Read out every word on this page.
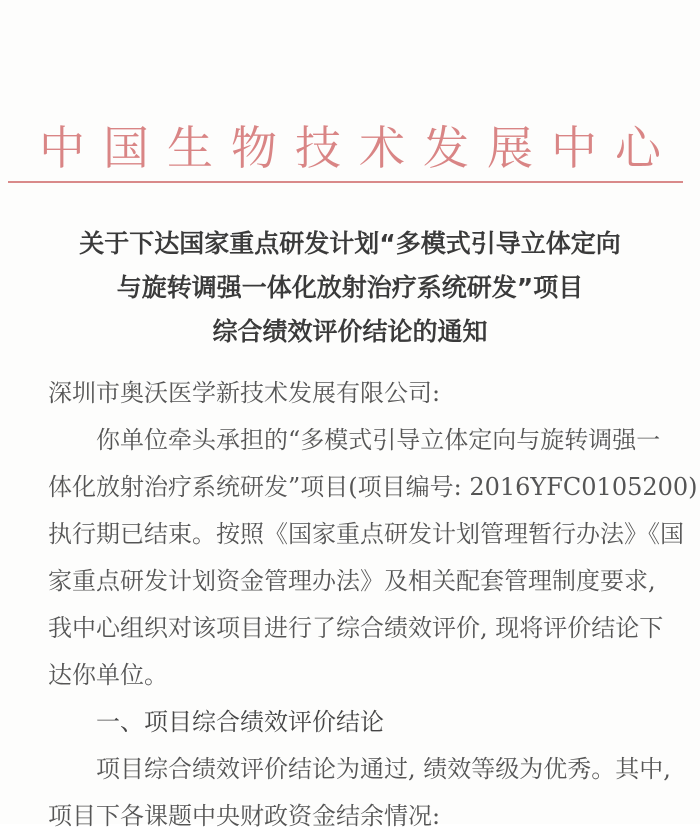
中国生物技术发展中心
关于下达国家重点研发计划“多模式引导立体定向
与旋转调强一体化放射治疗系统研发”项目
综合绩效评价结论的通知
深圳市奥沃医学新技术发展有限公司:
你单位牵头承担的“多模式引导立体定向与旋转调强一
体化放射治疗系统研发”项目(项目编号: 2016YFC0105200)
执行期已结束。按照《国家重点研发计划管理暂行办法》《国
家重点研发计划资金管理办法》及相关配套管理制度要求,
我中心组织对该项目进行了综合绩效评价, 现将评价结论下
达你单位。
一、项目综合绩效评价结论
项目综合绩效评价结论为通过, 绩效等级为优秀。其中,
项目下各课题中央财政资金结余情况:
